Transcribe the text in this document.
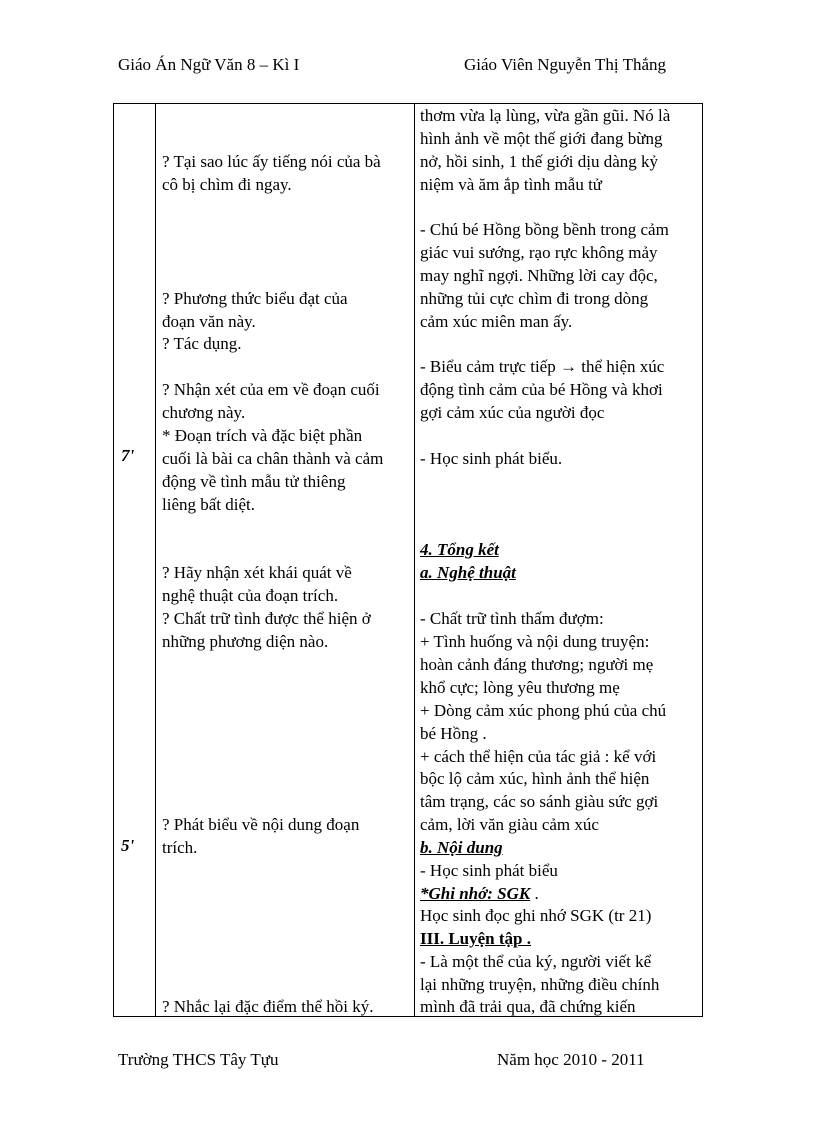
Giáo Án Ngữ Văn 8 – Kì I	Giáo Viên Nguyễn Thị Thắng
7'
5'
? Tại sao lúc ấy tiếng nói của bà
cô bị chìm đi ngay.
? Phương thức biểu đạt của
đoạn văn này.
? Tác dụng.
? Nhận xét của em về đoạn cuối
chương này.
* Đoạn trích và đặc biệt phần
cuối là bài ca chân thành và cảm
động về tình mẫu tử thiêng
liêng bất diệt.
? Hãy nhận xét khái quát về
nghệ thuật của đoạn trích.
? Chất trữ tình được thể hiện ở
những phương diện nào.
? Phát biểu về nội dung đoạn
trích.
? Nhắc lại đặc điểm thể hồi ký.
thơm vừa lạ lùng, vừa gần gũi. Nó là
hình ảnh về một thế giới đang bừng
nở, hồi sinh, 1 thế giới dịu dàng kỷ
niệm và ăm ắp tình mẫu tử
- Chú bé Hồng bồng bềnh trong cảm
giác vui sướng, rạo rực không mảy
may nghĩ ngợi. Những lời cay độc,
những tủi cực chìm đi trong dòng
cảm xúc miên man ấy.
- Biểu cảm trực tiếp → thể hiện xúc
động tình cảm của bé Hồng và khơi
gợi cảm xúc của người đọc
- Học sinh phát biểu.
4. Tổng kết
a. Nghệ thuật
- Chất trữ tình thấm đượm:
+ Tình huống và nội dung truyện:
hoàn cảnh đáng thương; người mẹ
khổ cực; lòng yêu thương mẹ
+ Dòng cảm xúc phong phú của chú
bé Hồng .
+ cách thể hiện của tác giả : kể với
bộc lộ cảm xúc, hình ảnh thể hiện
tâm trạng, các so sánh giàu sức gợi
cảm, lời văn giàu cảm xúc
b. Nội dung
- Học sinh phát biểu
*Ghi nhớ: SGK .
Học sinh đọc ghi nhớ SGK (tr 21)
III. Luyện tập .
- Là một thể của ký, người viết kể
lại những truyện, những điều chính
mình đã trải qua, đã chứng kiến
Trường THCS Tây Tựu	Năm học 2010 - 2011
